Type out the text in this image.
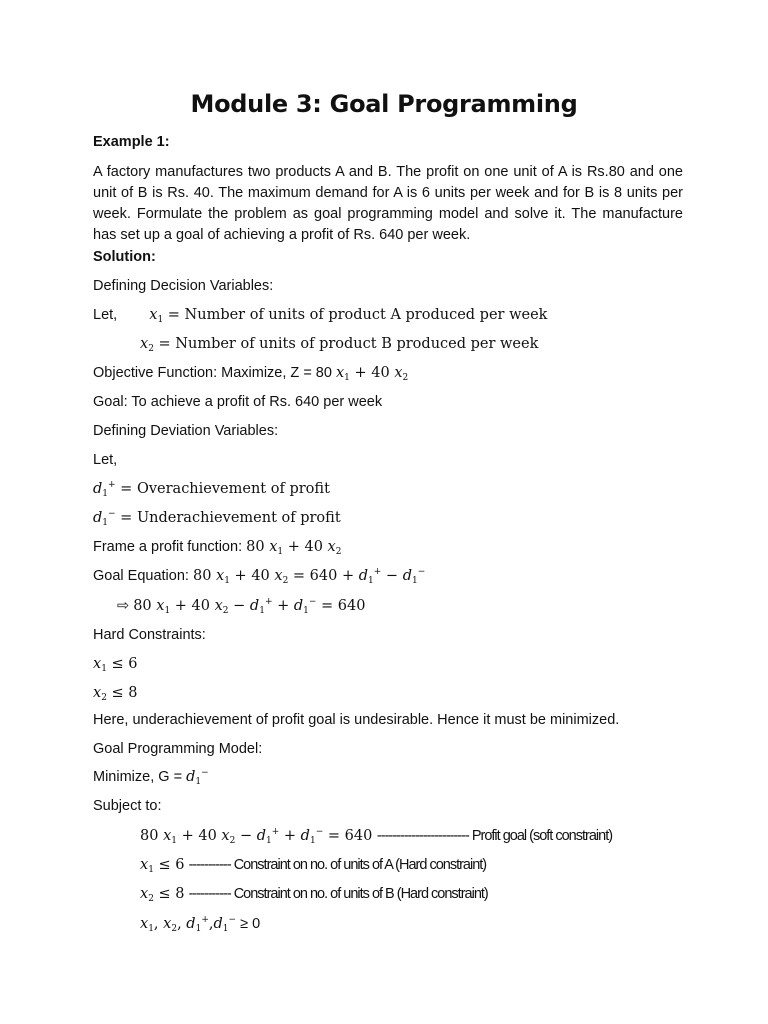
Module 3: Goal Programming
Example 1:
A factory manufactures two products A and B. The profit on one unit of A is Rs.80 and one unit of B is Rs. 40. The maximum demand for A is 6 units per week and for B is 8 units per week. Formulate the problem as goal programming model and solve it. The manufacture has set up a goal of achieving a profit of Rs. 640 per week.
Solution:
Defining Decision Variables:
Let, $x_1$ = Number of units of product A produced per week
$x_2$ = Number of units of product B produced per week
Objective Function: Maximize, Z = 80 $x_1 + 40$ $x_2$
Goal: To achieve a profit of Rs. 640 per week
Defining Deviation Variables:
Let,
$d_1^+$ = Overachievement of profit
$d_1^-$ = Underachievement of profit
Frame a profit function: 80 $x_1 + 40$ $x_2$
Goal Equation: 80 $x_1 + 40$ $x_2 = 640 + d_1^+ - d_1^-$
⇨ 80 $x_1 + 40$ $x_2 - d_1^+ + d_1^- = 640$
Hard Constraints:
$x_1 \le 6$
$x_2 \le 8$
Here, underachievement of profit goal is undesirable. Hence it must be minimized.
Goal Programming Model:
Minimize, $G = d_1^-$
Subject to:
80 $x_1 + 40$ $x_2 - d_1^+ + d_1^- = 640$ ------------------------ Profit goal (soft constraint)
$x_1 \le 6$ ----------- Constraint on no. of units of A (Hard constraint)
$x_2 \le 8$ ----------- Constraint on no. of units of B (Hard constraint)
$x_1$, $x_2$, $d_1^+,d_1^- \ge 0$
